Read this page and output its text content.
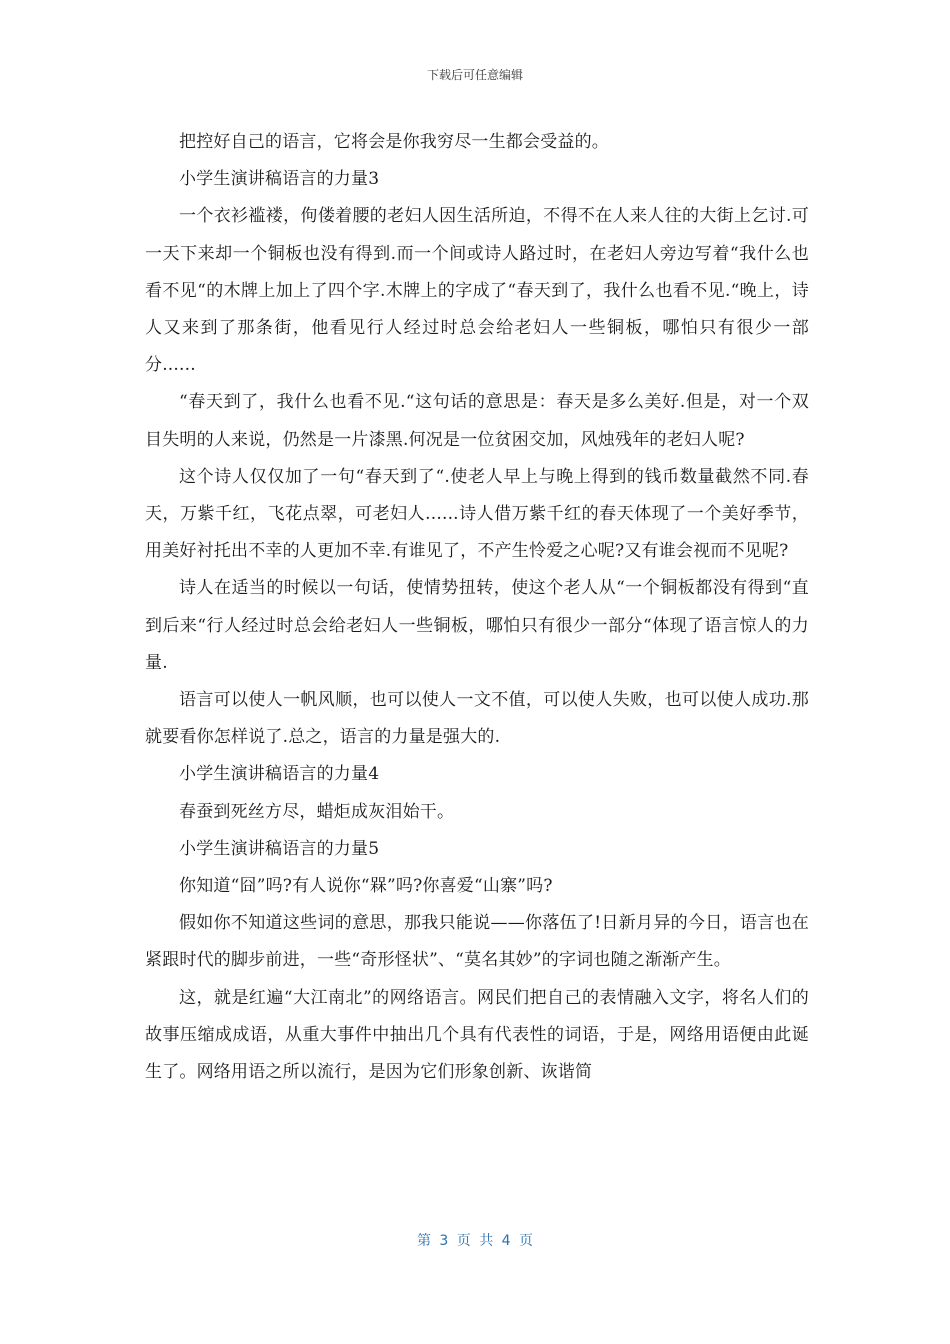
下载后可任意编辑

把控好自己的语言，它将会是你我穷尽一生都会受益的。

小学生演讲稿语言的力量3

一个衣衫褴褛，佝偻着腰的老妇人因生活所迫，不得不在人来人往的大街上乞讨.可一天下来却一个铜板也没有得到.而一个间或诗人路过时，在老妇人旁边写着“我什么也看不见“的木牌上加上了四个字.木牌上的字成了“春天到了，我什么也看不见.“晚上，诗人又来到了那条街，他看见行人经过时总会给老妇人一些铜板，哪怕只有很少一部分......

“春天到了，我什么也看不见.“这句话的意思是：春天是多么美好.但是，对一个双目失明的人来说，仍然是一片漆黑.何况是一位贫困交加，风烛残年的老妇人呢?

这个诗人仅仅加了一句“春天到了“.使老人早上与晚上得到的钱币数量截然不同.春天，万紫千红，飞花点翠，可老妇人......诗人借万紫千红的春天体现了一个美好季节，用美好衬托出不幸的人更加不幸.有谁见了，不产生怜爱之心呢?又有谁会视而不见呢?

诗人在适当的时候以一句话，使情势扭转，使这个老人从“一个铜板都没有得到“直到后来“行人经过时总会给老妇人一些铜板，哪怕只有很少一部分“体现了语言惊人的力量.

语言可以使人一帆风顺，也可以使人一文不值，可以使人失败，也可以使人成功.那就要看你怎样说了.总之，语言的力量是强大的.

小学生演讲稿语言的力量4

春蚕到死丝方尽，蜡炬成灰泪始干。

小学生演讲稿语言的力量5

你知道“囧”吗?有人说你“槑”吗?你喜爱“山寨”吗?

假如你不知道这些词的意思，那我只能说——你落伍了!日新月异的今日，语言也在紧跟时代的脚步前进，一些“奇形怪状”、“莫名其妙”的字词也随之渐渐产生。

这，就是红遍“大江南北”的网络语言。网民们把自己的表情融入文字，将名人们的故事压缩成成语，从重大事件中抽出几个具有代表性的词语，于是，网络用语便由此诞生了。网络用语之所以流行，是因为它们形象创新、诙谐简

第 3 页 共 4 页
